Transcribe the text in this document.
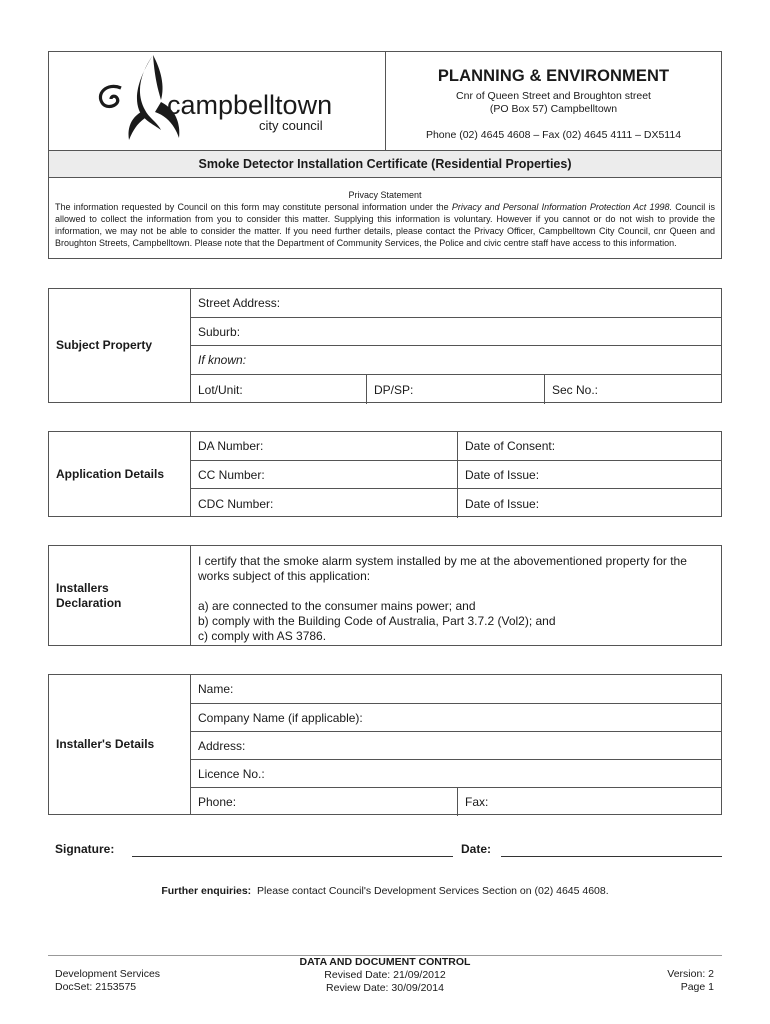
campbelltown
city council
PLANNING & ENVIRONMENT
Cnr of Queen Street and Broughton street
(PO Box 57) Campbelltown
Phone (02) 4645 4608 – Fax (02) 4645 4111 – DX5114
Smoke Detector Installation Certificate (Residential Properties)
Privacy Statement
The information requested by Council on this form may constitute personal information under the Privacy and Personal Information Protection Act 1998. Council is allowed to collect the information from you to consider this matter. Supplying this information is voluntary. However if you cannot or do not wish to provide the information, we may not be able to consider the matter. If you need further details, please contact the Privacy Officer, Campbelltown City Council, cnr Queen and Broughton Streets, Campbelltown. Please note that the Department of Community Services, the Police and civic centre staff have access to this information.
Subject Property
Street Address:
Suburb:
If known:
Lot/Unit:	DP/SP:	Sec No.:
Application Details
DA Number:	Date of Consent:
CC Number:	Date of Issue:
CDC Number:	Date of Issue:
Installers
Declaration
I certify that the smoke alarm system installed by me at the abovementioned property for the works subject of this application:
a) are connected to the consumer mains power; and
b) comply with the Building Code of Australia, Part 3.7.2 (Vol2); and
c) comply with AS 3786.
Installer's Details
Name:
Company Name (if applicable):
Address:
Licence No.:
Phone:	Fax:
Signature:	Date:
Further enquiries: Please contact Council's Development Services Section on (02) 4645 4608.
Development Services
DocSet: 2153575
DATA AND DOCUMENT CONTROL
Revised Date: 21/09/2012
Review Date: 30/09/2014
Version: 2
Page 1
